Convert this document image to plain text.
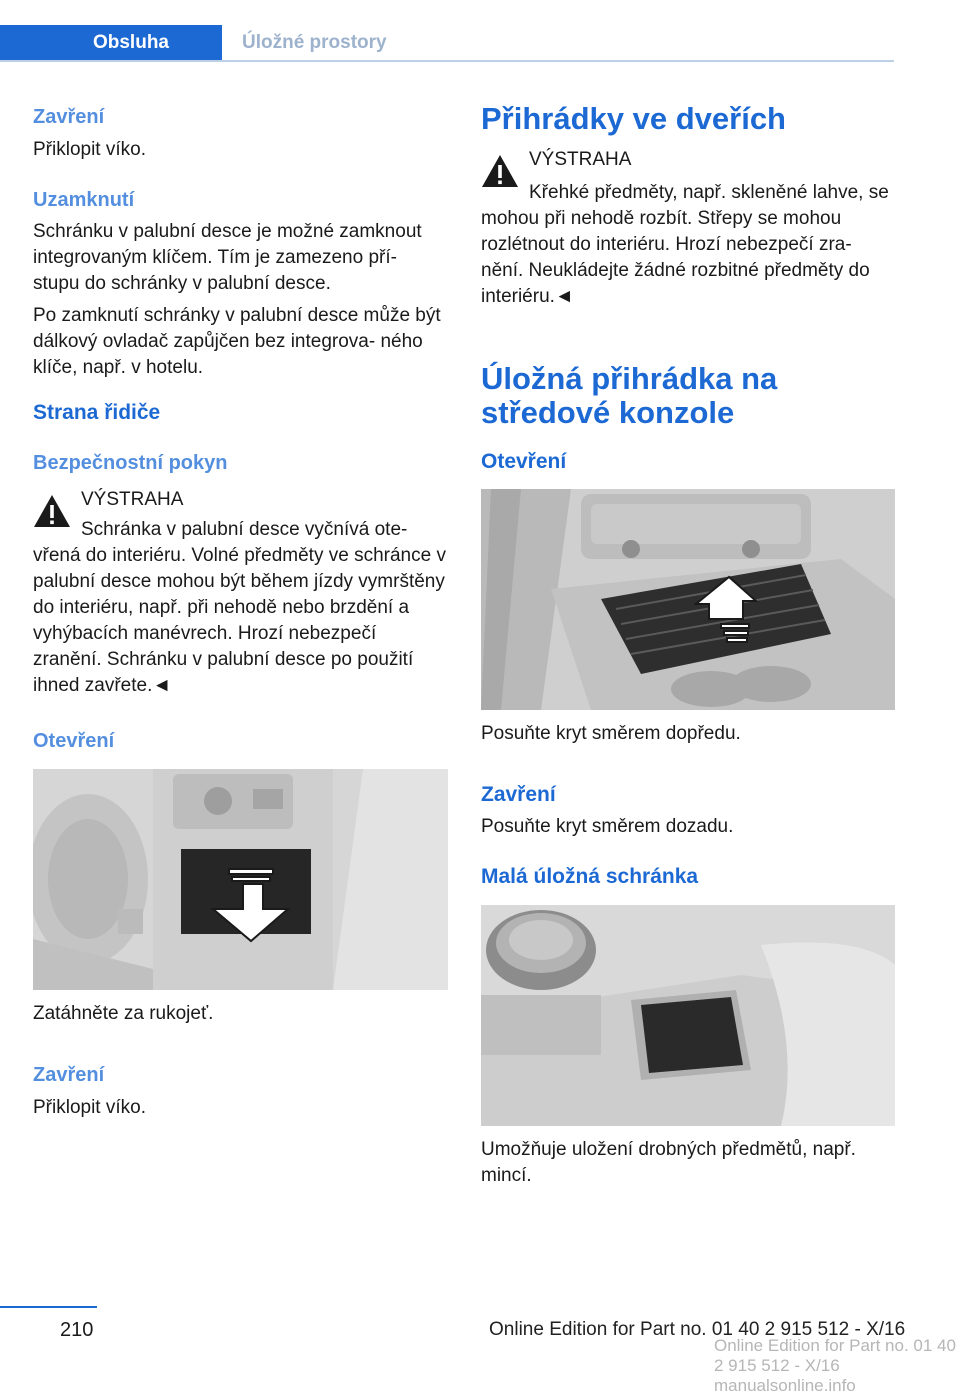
Obsluha	Úložné prostory
Zavření
Přiklopit víko.
Uzamknutí
Schránku v palubní desce je možné zamknout integrovaným klíčem. Tím je zamezeno pří‐ stupu do schránky v palubní desce.
Po zamknutí schránky v palubní desce může být dálkový ovladač zapůjčen bez integrova‐ ného klíče, např. v hotelu.
Strana řidiče
Bezpečnostní pokyn
VÝSTRAHA
Schránka v palubní desce vyčnívá ote‐ vřená do interiéru. Volné předměty ve schránce v palubní desce mohou být během jízdy vymrštěny do interiéru, např. při nehodě nebo brzdění a vyhýbacích manévrech. Hrozí nebezpečí zranění. Schránku v palubní desce po použití ihned zavřete.◄
Otevření
Zatáhněte za rukojeť.
Zavření
Přiklopit víko.
Přihrádky ve dveřích
VÝSTRAHA
Křehké předměty, např. skleněné lahve, se mohou při nehodě rozbít. Střepy se mohou rozlétnout do interiéru. Hrozí nebezpečí zra‐ nění. Neukládejte žádné rozbitné předměty do interiéru.◄
Úložná přihrádka na středové konzole
Otevření
Posuňte kryt směrem dopředu.
Zavření
Posuňte kryt směrem dozadu.
Malá úložná schránka
Umožňuje uložení drobných předmětů, např. mincí.
210	Online Edition for Part no. 01 40 2 915 512 - X/16
Online Edition for Part no. 01 40 2 915 512 - X/16 manualsonline.info
